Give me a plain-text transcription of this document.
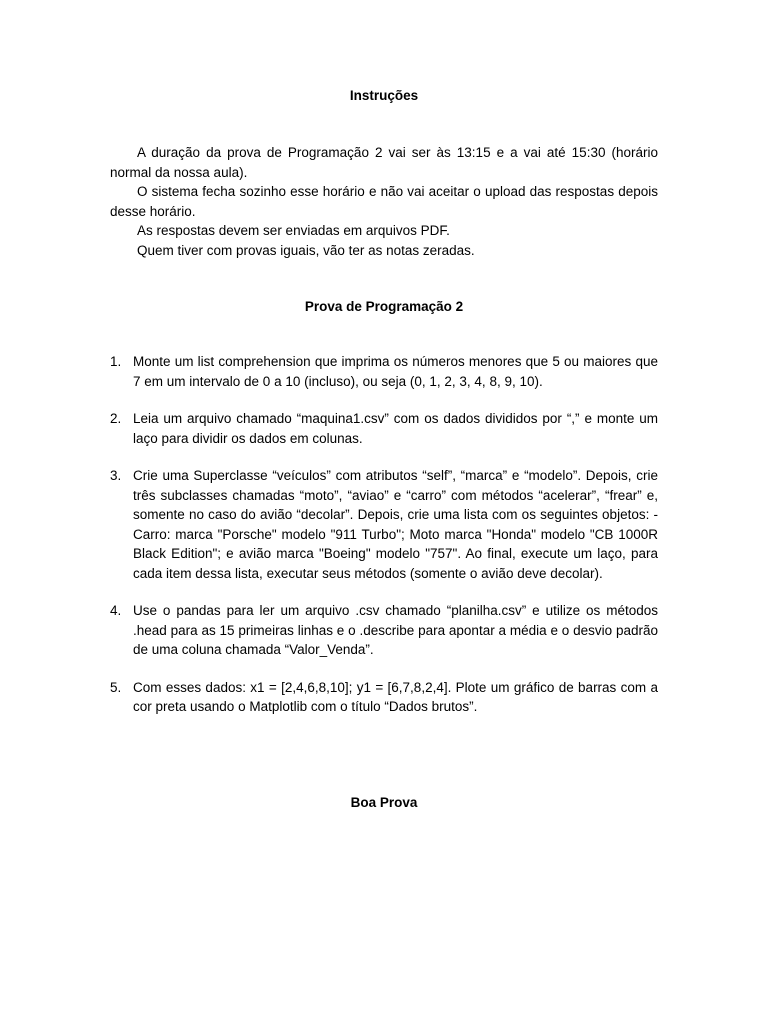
Instruções

A duração da prova de Programação 2 vai ser às 13:15 e a vai até 15:30 (horário normal da nossa aula).

O sistema fecha sozinho esse horário e não vai aceitar o upload das respostas depois desse horário.

As respostas devem ser enviadas em arquivos PDF.

Quem tiver com provas iguais, vão ter as notas zeradas.

Prova de Programação 2
1. Monte um list comprehension que imprima os números menores que 5 ou maiores que 7 em um intervalo de 0 a 10 (incluso), ou seja (0, 1, 2, 3, 4, 8, 9, 10).
2. Leia um arquivo chamado “maquina1.csv” com os dados divididos por “,” e monte um laço para dividir os dados em colunas.
3. Crie uma Superclasse “veículos” com atributos “self”, “marca” e “modelo”. Depois, crie três subclasses chamadas “moto”, “aviao” e “carro” com métodos “acelerar”, “frear” e, somente no caso do avião “decolar”. Depois, crie uma lista com os seguintes objetos: - Carro: marca "Porsche" modelo "911 Turbo"; Moto marca "Honda" modelo "CB 1000R Black Edition"; e avião marca "Boeing" modelo "757". Ao final, execute um laço, para cada item dessa lista, executar seus métodos (somente o avião deve decolar).
4. Use o pandas para ler um arquivo .csv chamado “planilha.csv” e utilize os métodos .head para as 15 primeiras linhas e o .describe para apontar a média e o desvio padrão de uma coluna chamada “Valor_Venda”.
5. Com esses dados: x1 = [2,4,6,8,10]; y1 = [6,7,8,2,4]. Plote um gráfico de barras com a cor preta usando o Matplotlib com o título “Dados brutos”.
Boa Prova
